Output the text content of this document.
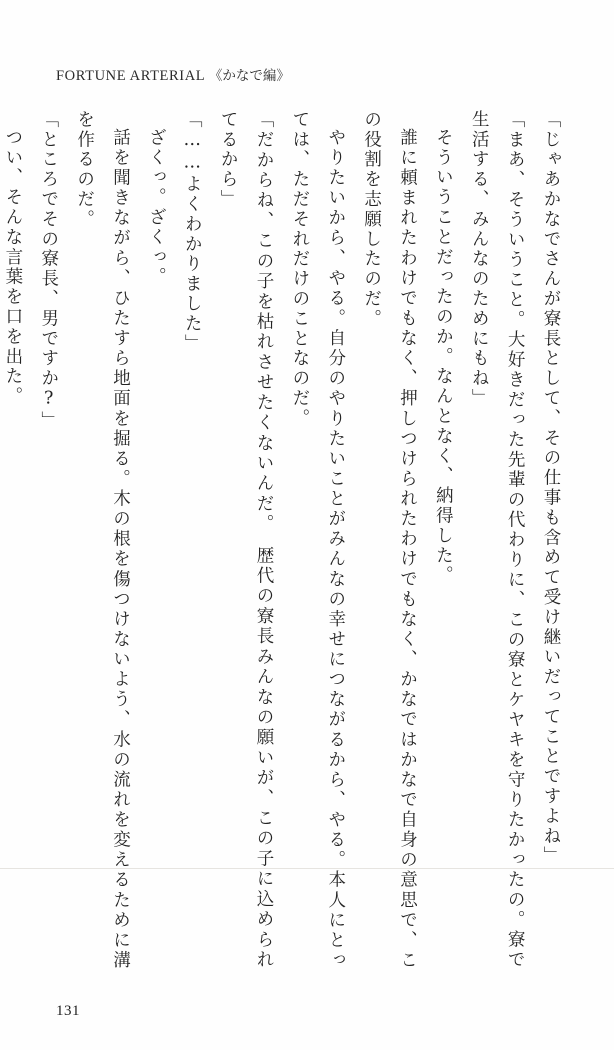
FORTUNE ARTERIAL 《かなで編》

「じゃあかなでさんが寮長として、その仕事も含めて受け継いだってことですよね」

「まあ、そういうこと。大好きだった先輩の代わりに、この寮とケヤキを守りたかったの。寮で生活する、みんなのためにもね」

そういうことだったのか。なんとなく、納得した。

誰に頼まれたわけでもなく、押しつけられたわけでもなく、かなではかなで自身の意思で、この役割を志願したのだ。

やりたいから、やる。自分のやりたいことがみんなの幸せにつながるから、やる。本人にとっては、ただそれだけのことなのだ。

「だからね、この子を枯れさせたくないんだ。　歴代の寮長みんなの願いが、この子に込められてるから」

「……よくわかりました」

ざくっ。ざくっ。

話を聞きながら、ひたすら地面を掘る。木の根を傷つけないよう、水の流れを変えるために溝を作るのだ。

「ところでその寮長、男ですか?」

つい、そんな言葉を口を出た。

131
